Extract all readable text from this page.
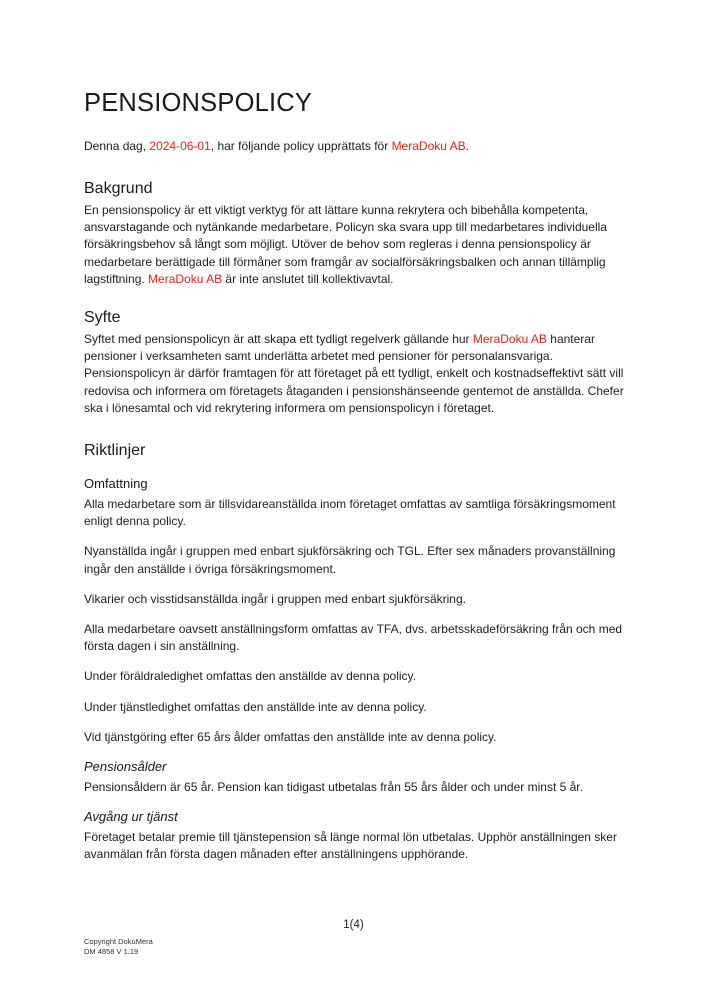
PENSIONSPOLICY

Denna dag, 2024-06-01, har följande policy upprättats för MeraDoku AB.

Bakgrund

En pensionspolicy är ett viktigt verktyg för att lättare kunna rekrytera och bibehålla kompetenta, ansvarstagande och nytänkande medarbetare. Policyn ska svara upp till medarbetares individuella försäkringsbehov så långt som möjligt. Utöver de behov som regleras i denna pensionspolicy är medarbetare berättigade till förmåner som framgår av socialförsäkringsbalken och annan tillämplig lagstiftning. MeraDoku AB är inte anslutet till kollektivavtal.

Syfte

Syftet med pensionspolicyn är att skapa ett tydligt regelverk gällande hur MeraDoku AB hanterar pensioner i verksamheten samt underlätta arbetet med pensioner för personalansvariga. Pensionspolicyn är därför framtagen för att företaget på ett tydligt, enkelt och kostnadseffektivt sätt vill redovisa och informera om företagets åtaganden i pensionshänseende gentemot de anställda. Chefer ska i lönesamtal och vid rekrytering informera om pensionspolicyn i företaget.

Riktlinjer
Omfattning

Alla medarbetare som är tillsvidareanställda inom företaget omfattas av samtliga försäkringsmoment enligt denna policy.

Nyanställda ingår i gruppen med enbart sjukförsäkring och TGL. Efter sex månaders provanställning ingår den anställde i övriga försäkringsmoment.

Vikarier och visstidsanställda ingår i gruppen med enbart sjukförsäkring.

Alla medarbetare oavsett anställningsform omfattas av TFA, dvs. arbetsskadeförsäkring från och med första dagen i sin anställning.

Under föräldraledighet omfattas den anställde av denna policy.

Under tjänstledighet omfattas den anställde inte av denna policy.

Vid tjänstgöring efter 65 års ålder omfattas den anställde inte av denna policy.

Pensionsålder

Pensionsåldern är 65 år. Pension kan tidigast utbetalas från 55 års ålder och under minst 5 år.

Avgång ur tjänst

Företaget betalar premie till tjänstepension så länge normal lön utbetalas. Upphör anställningen sker avanmälan från första dagen månaden efter anställningens upphörande.

1(4)
Copyright DokuMera
DM 4858 V 1.19
